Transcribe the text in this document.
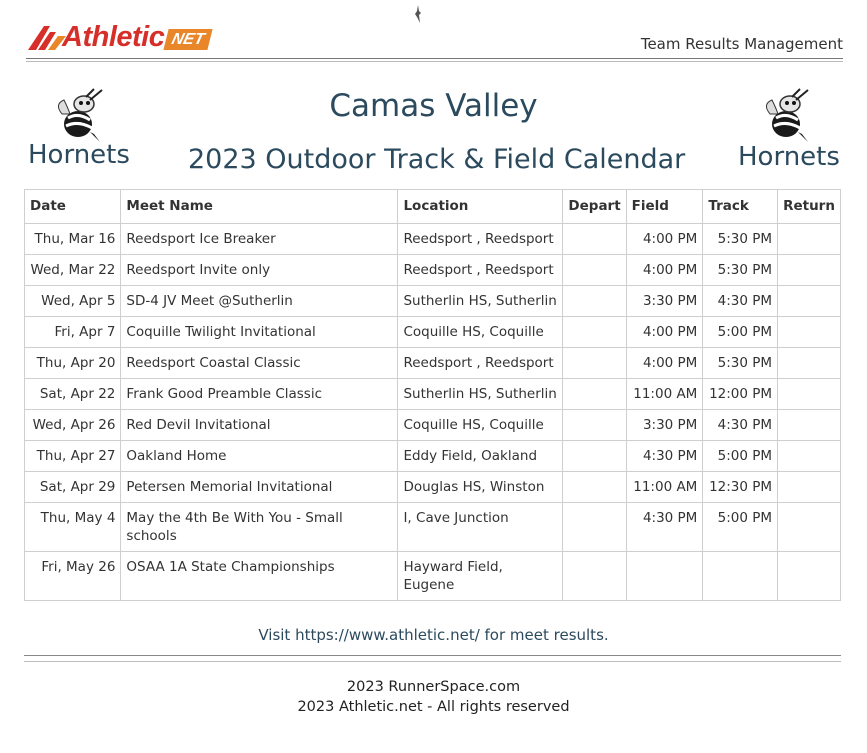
Athletic NET	Team Results Management
Hornets	Hornets
Camas Valley
2023 Outdoor Track & Field Calendar
Date	Meet Name	Location	Depart	Field	Track	Return
Thu, Mar 16	Reedsport Ice Breaker	Reedsport , Reedsport		4:00 PM	5:30 PM	
Wed, Mar 22	Reedsport Invite only	Reedsport , Reedsport		4:00 PM	5:30 PM	
Wed, Apr 5	SD-4 JV Meet @Sutherlin	Sutherlin HS, Sutherlin		3:30 PM	4:30 PM	
Fri, Apr 7	Coquille Twilight Invitational	Coquille HS, Coquille		4:00 PM	5:00 PM	
Thu, Apr 20	Reedsport Coastal Classic	Reedsport , Reedsport		4:00 PM	5:30 PM	
Sat, Apr 22	Frank Good Preamble Classic	Sutherlin HS, Sutherlin		11:00 AM	12:00 PM	
Wed, Apr 26	Red Devil Invitational	Coquille HS, Coquille		3:30 PM	4:30 PM	
Thu, Apr 27	Oakland Home	Eddy Field, Oakland		4:30 PM	5:00 PM	
Sat, Apr 29	Petersen Memorial Invitational	Douglas HS, Winston		11:00 AM	12:30 PM	
Thu, May 4	May the 4th Be With You - Small schools	I, Cave Junction		4:30 PM	5:00 PM	
Fri, May 26	OSAA 1A State Championships	Hayward Field, Eugene				
Visit https://www.athletic.net/ for meet results.
2023 RunnerSpace.com
2023 Athletic.net - All rights reserved
